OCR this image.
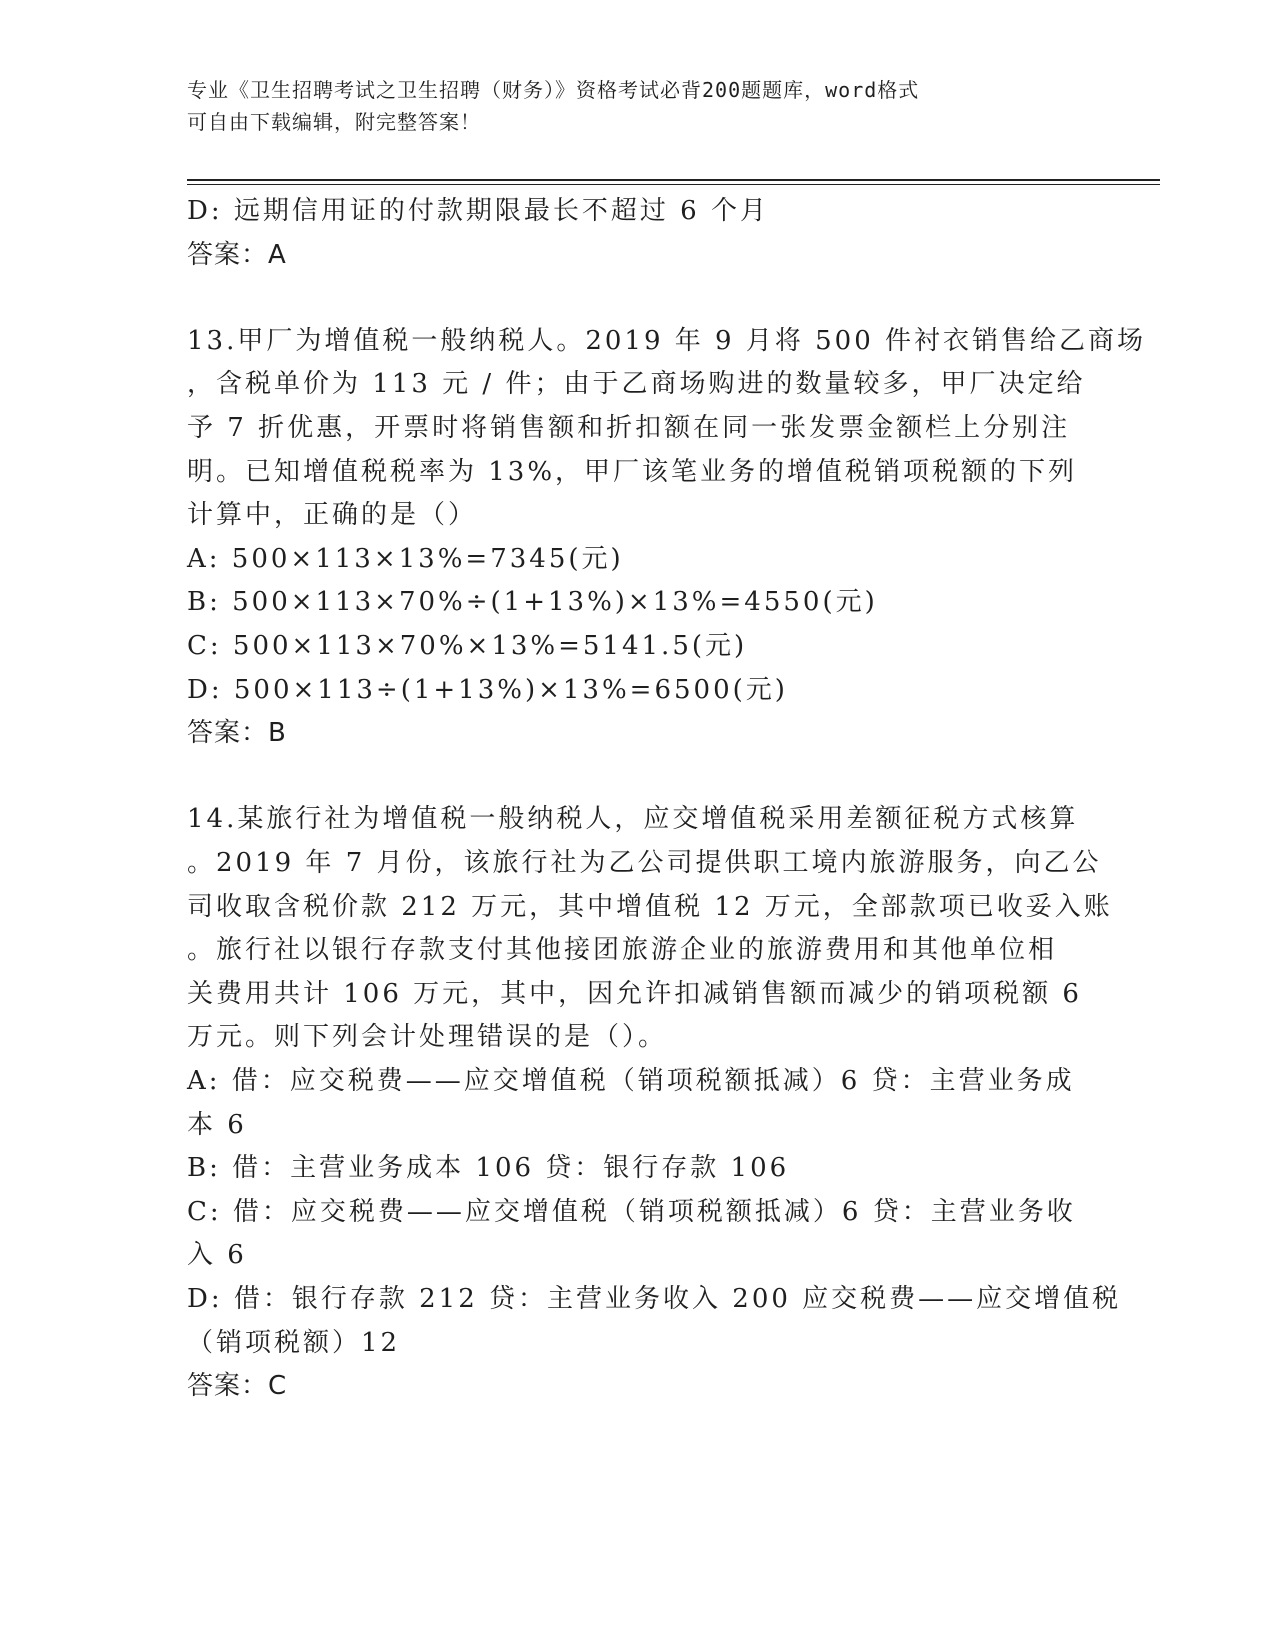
专业《卫生招聘考试之卫生招聘（财务）》资格考试必背200题题库，word格式
可自由下载编辑，附完整答案！
D: 远期信用证的付款期限最长不超过 6 个月
答案：A
13.甲厂为增值税一般纳税人。2019 年 9 月将 500 件衬衣销售给乙商场
，含税单价为 113 元 / 件；由于乙商场购进的数量较多，甲厂决定给
予 7 折优惠，开票时将销售额和折扣额在同一张发票金额栏上分别注
明。已知增值税税率为 13%，甲厂该笔业务的增值税销项税额的下列
计算中，正确的是（）
A: 500×113×13%=7345(元)
B: 500×113×70%÷(1+13%)×13%=4550(元)
C: 500×113×70%×13%=5141.5(元)
D: 500×113÷(1+13%)×13%=6500(元)
答案：B
14.某旅行社为增值税一般纳税人，应交增值税采用差额征税方式核算
。2019 年 7 月份，该旅行社为乙公司提供职工境内旅游服务，向乙公
司收取含税价款 212 万元，其中增值税 12 万元，全部款项已收妥入账
。旅行社以银行存款支付其他接团旅游企业的旅游费用和其他单位相
关费用共计 106 万元，其中，因允许扣减销售额而减少的销项税额 6
万元。则下列会计处理错误的是（）。
A: 借：应交税费——应交增值税（销项税额抵减）6 贷：主营业务成
本 6
B: 借：主营业务成本 106 贷：银行存款 106
C: 借：应交税费——应交增值税（销项税额抵减）6 贷：主营业务收
入 6
D: 借：银行存款 212 贷：主营业务收入 200 应交税费——应交增值税
（销项税额）12
答案：C
